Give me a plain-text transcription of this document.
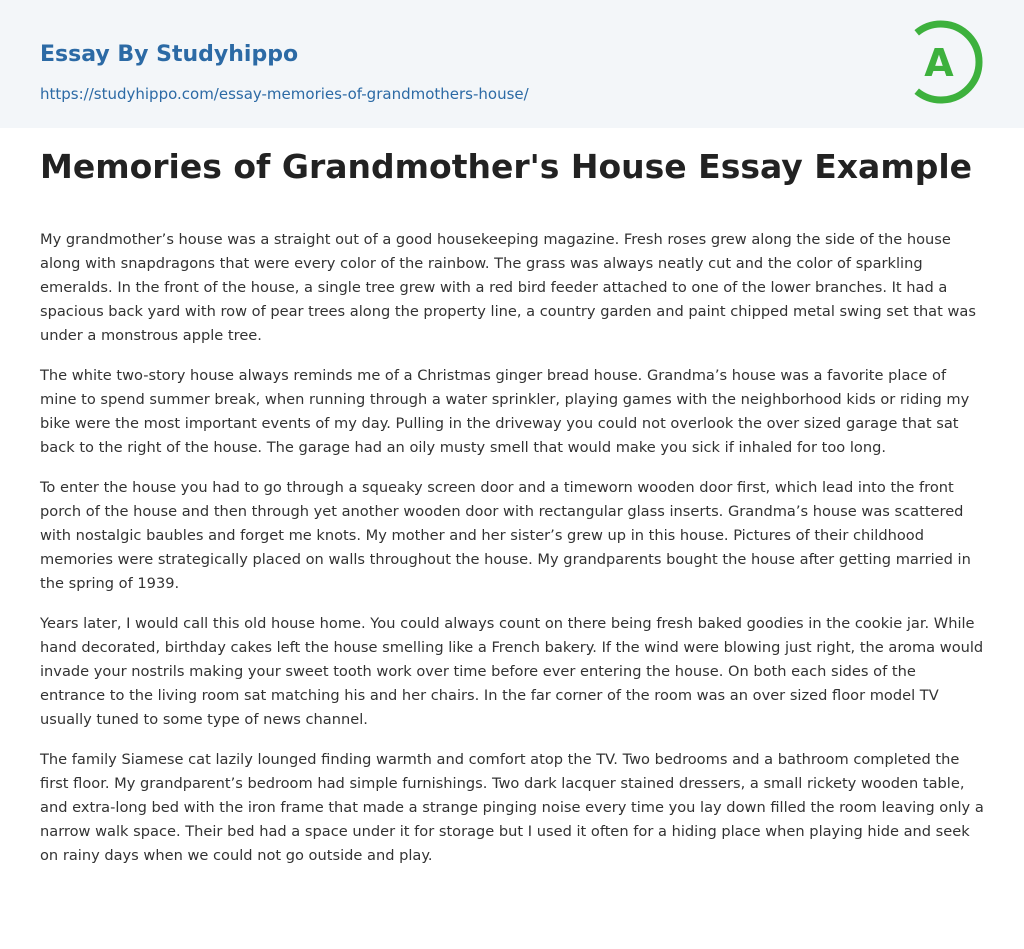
Essay By Studyhippo
https://studyhippo.com/essay-memories-of-grandmothers-house/
A
Memories of Grandmother's House Essay Example

My grandmother’s house was a straight out of a good housekeeping magazine. Fresh roses grew along the side of the house along with snapdragons that were every color of the rainbow. The grass was always neatly cut and the color of sparkling emeralds. In the front of the house, a single tree grew with a red bird feeder attached to one of the lower branches. It had a spacious back yard with row of pear trees along the property line, a country garden and paint chipped metal swing set that was under a monstrous apple tree.

The white two-story house always reminds me of a Christmas ginger bread house. Grandma’s house was a favorite place of mine to spend summer break, when running through a water sprinkler, playing games with the neighborhood kids or riding my bike were the most important events of my day. Pulling in the driveway you could not overlook the over sized garage that sat back to the right of the house. The garage had an oily musty smell that would make you sick if inhaled for too long.

To enter the house you had to go through a squeaky screen door and a timeworn wooden door first, which lead into the front porch of the house and then through yet another wooden door with rectangular glass inserts. Grandma’s house was scattered with nostalgic baubles and forget me knots. My mother and her sister’s grew up in this house. Pictures of their childhood memories were strategically placed on walls throughout the house. My grandparents bought the house after getting married in the spring of 1939.

Years later, I would call this old house home. You could always count on there being fresh baked goodies in the cookie jar. While hand decorated, birthday cakes left the house smelling like a French bakery. If the wind were blowing just right, the aroma would invade your nostrils making your sweet tooth work over time before ever entering the house. On both each sides of the entrance to the living room sat matching his and her chairs. In the far corner of the room was an over sized floor model TV usually tuned to some type of news channel.

The family Siamese cat lazily lounged finding warmth and comfort atop the TV. Two bedrooms and a bathroom completed the first floor. My grandparent’s bedroom had simple furnishings. Two dark lacquer stained dressers, a small rickety wooden table, and extra-long bed with the iron frame that made a strange pinging noise every time you lay down filled the room leaving only a narrow walk space. Their bed had a space under it for storage but I used it often for a hiding place when playing hide and seek on rainy days when we could not go outside and play.
